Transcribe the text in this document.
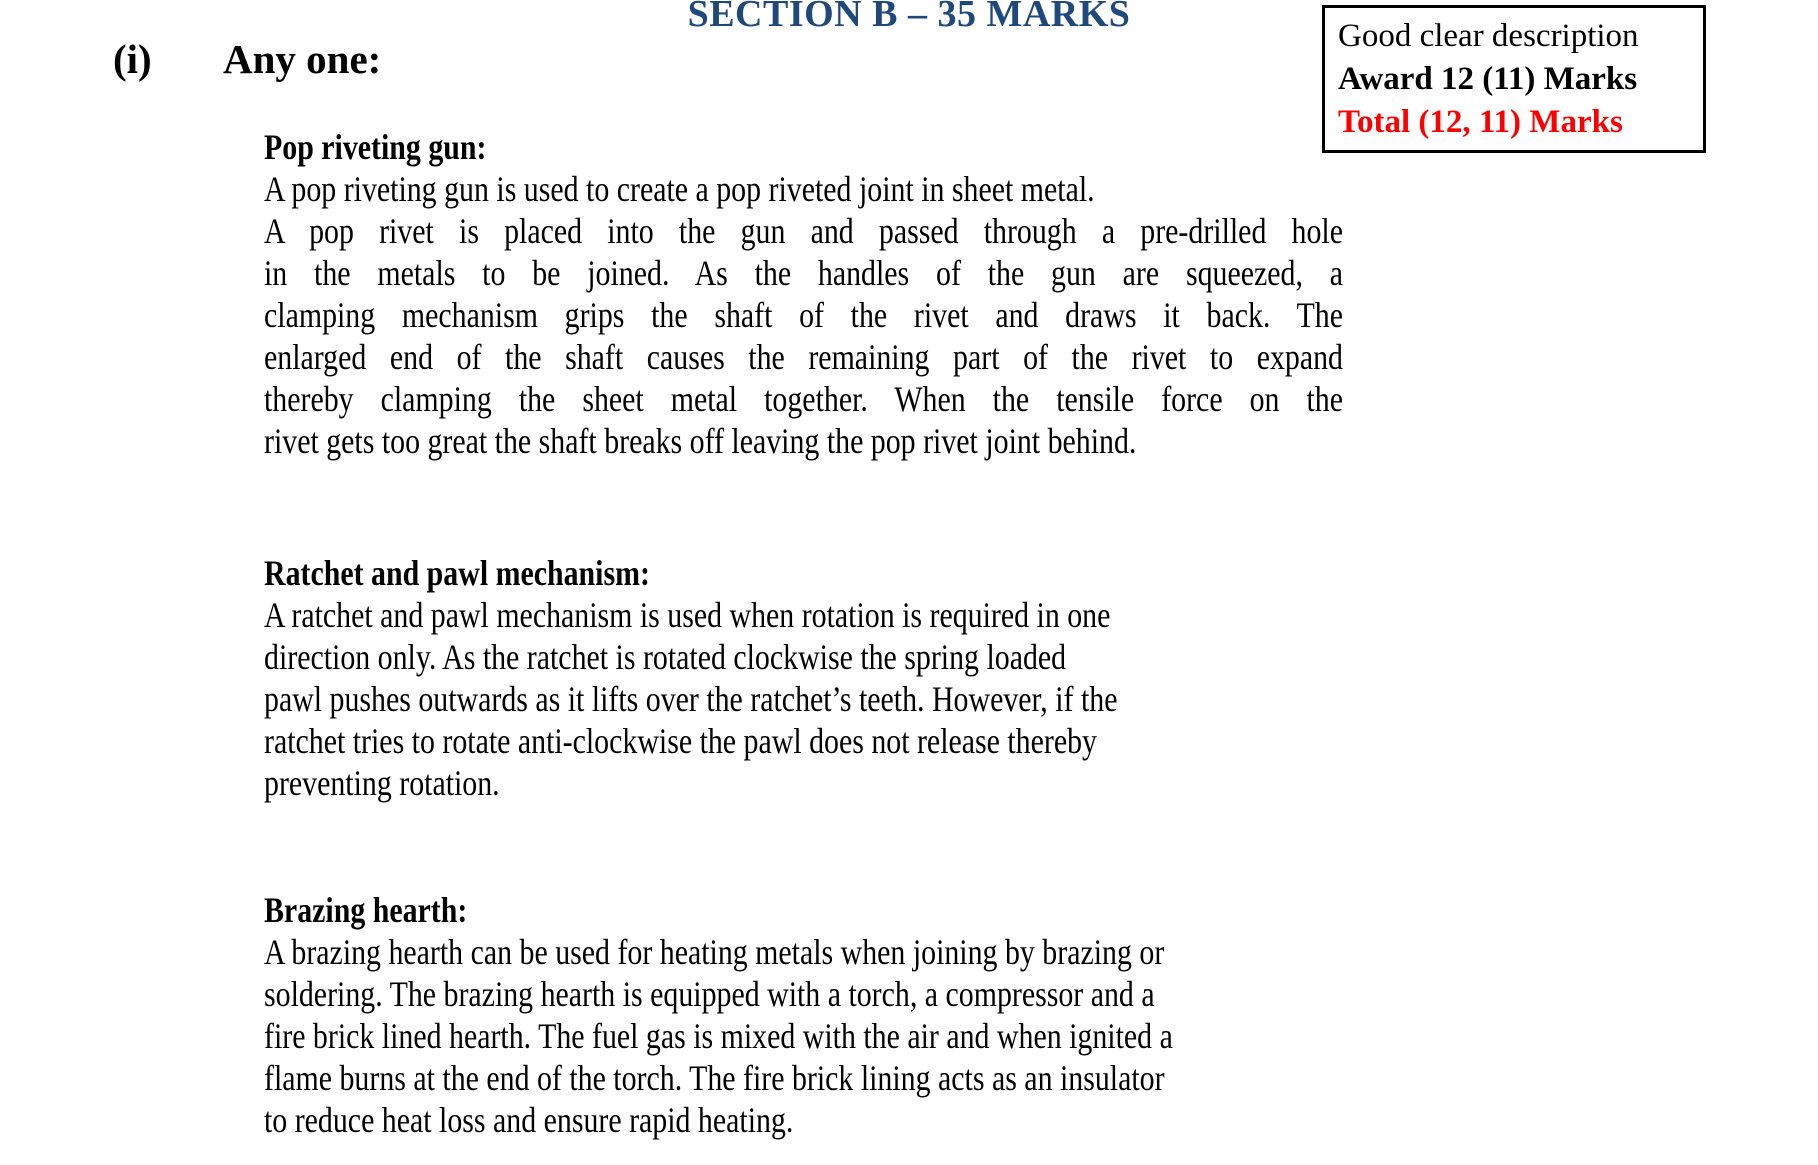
SECTION B – 35 MARKS
(i) Any one:	Good clear description
Award 12 (11) Marks
Total (12, 11) Marks
Pop riveting gun:
A pop riveting gun is used to create a pop riveted joint in sheet metal.
A pop rivet is placed into the gun and passed through a pre-drilled hole
in the metals to be joined. As the handles of the gun are squeezed, a
clamping mechanism grips the shaft of the rivet and draws it back. The
enlarged end of the shaft causes the remaining part of the rivet to expand
thereby clamping the sheet metal together. When the tensile force on the
rivet gets too great the shaft breaks off leaving the pop rivet joint behind.
Ratchet and pawl mechanism:
A ratchet and pawl mechanism is used when rotation is required in one
direction only. As the ratchet is rotated clockwise the spring loaded
pawl pushes outwards as it lifts over the ratchet’s teeth. However, if the
ratchet tries to rotate anti-clockwise the pawl does not release thereby
preventing rotation.
Brazing hearth:
A brazing hearth can be used for heating metals when joining by brazing or
soldering. The brazing hearth is equipped with a torch, a compressor and a
fire brick lined hearth. The fuel gas is mixed with the air and when ignited a
flame burns at the end of the torch. The fire brick lining acts as an insulator
to reduce heat loss and ensure rapid heating.
